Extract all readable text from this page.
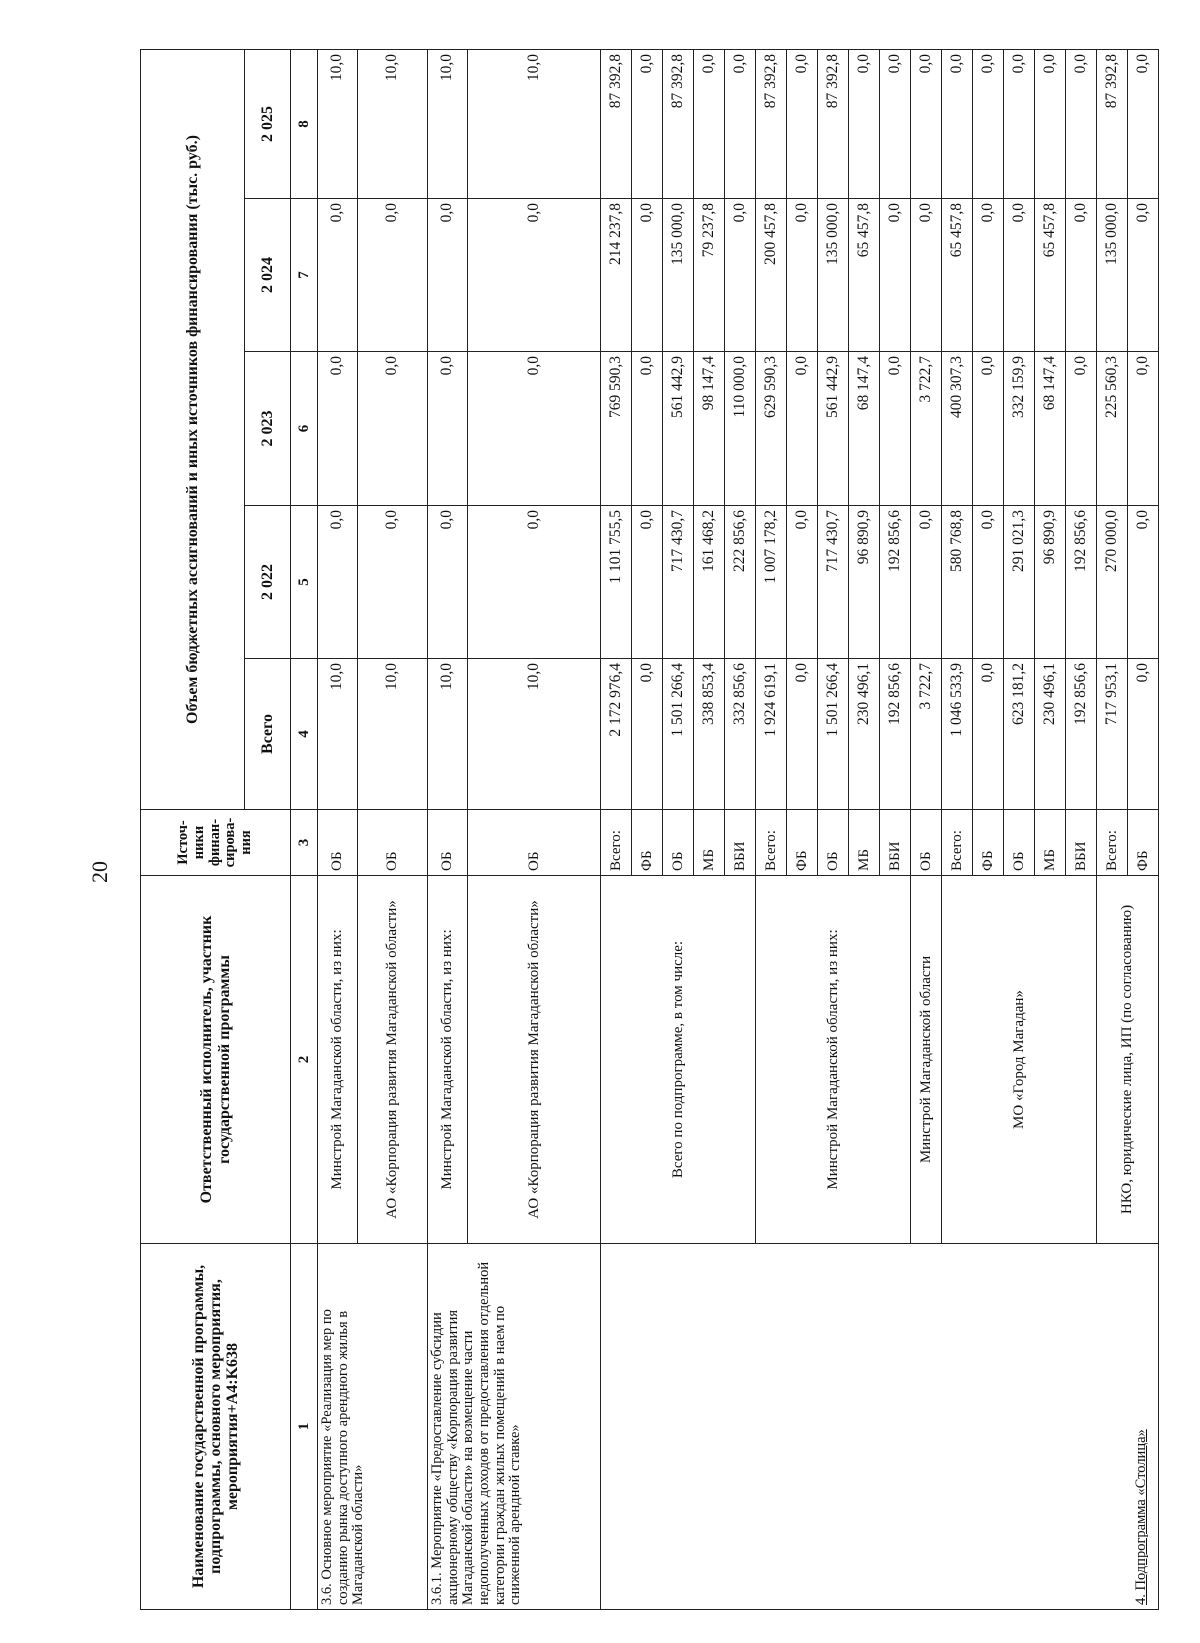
20
Наименование государственной программы, подпрограммы, основного мероприятия, мероприятия+A4:K638	Ответственный исполнитель, участник государственной программы	Источ-ники финан-сирова-ния	Объем бюджетных ассигнований и иных источников финансирования (тыс. руб.)				
			Всего	2 022	2 023	2 024	2 025
1	2	3	4	5	6	7	8
3.6. Основное мероприятие «Реализация мер по созданию рынка доступного арендного жилья в Магаданской области»	Минстрой Магаданской области, из них:	ОБ	10,0	0,0	0,0	0,0	10,0
	АО «Корпорация развития Магаданской области»	ОБ	10,0	0,0	0,0	0,0	10,0
3.6.1. Мероприятие «Предоставление субсидии акционерному обществу «Корпорация развития Магаданской области» на возмещение части недополученных доходов от предоставления отдельной категории граждан жилых помещений в наем по сниженной арендной ставке»	Минстрой Магаданской области, из них:	ОБ	10,0	0,0	0,0	0,0	10,0
	АО «Корпорация развития Магаданской области»	ОБ	10,0	0,0	0,0	0,0	10,0
4. Подпрограмма «Столица»	Всего по подпрограмме, в том числе:	Всего:	2 172 976,4	1 101 755,5	769 590,3	214 237,8	87 392,8
		ФБ	0,0	0,0	0,0	0,0	0,0
		ОБ	1 501 266,4	717 430,7	561 442,9	135 000,0	87 392,8
		МБ	338 853,4	161 468,2	98 147,4	79 237,8	0,0
		ВБИ	332 856,6	222 856,6	110 000,0	0,0	0,0
	Минстрой Магаданской области, из них:	Всего:	1 924 619,1	1 007 178,2	629 590,3	200 457,8	87 392,8
		ФБ	0,0	0,0	0,0	0,0	0,0
		ОБ	1 501 266,4	717 430,7	561 442,9	135 000,0	87 392,8
		МБ	230 496,1	96 890,9	68 147,4	65 457,8	0,0
		ВБИ	192 856,6	192 856,6	0,0	0,0	0,0
	Минстрой Магаданской области	ОБ	3 722,7	0,0	3 722,7	0,0	0,0
	МО «Город Магадан»	Всего:	1 046 533,9	580 768,8	400 307,3	65 457,8	0,0
		ФБ	0,0	0,0	0,0	0,0	0,0
		ОБ	623 181,2	291 021,3	332 159,9	0,0	0,0
		МБ	230 496,1	96 890,9	68 147,4	65 457,8	0,0
		ВБИ	192 856,6	192 856,6	0,0	0,0	0,0
	НКО, юридические лица, ИП (по согласованию)	Всего:	717 953,1	270 000,0	225 560,3	135 000,0	87 392,8
		ФБ	0,0	0,0	0,0	0,0	0,0
